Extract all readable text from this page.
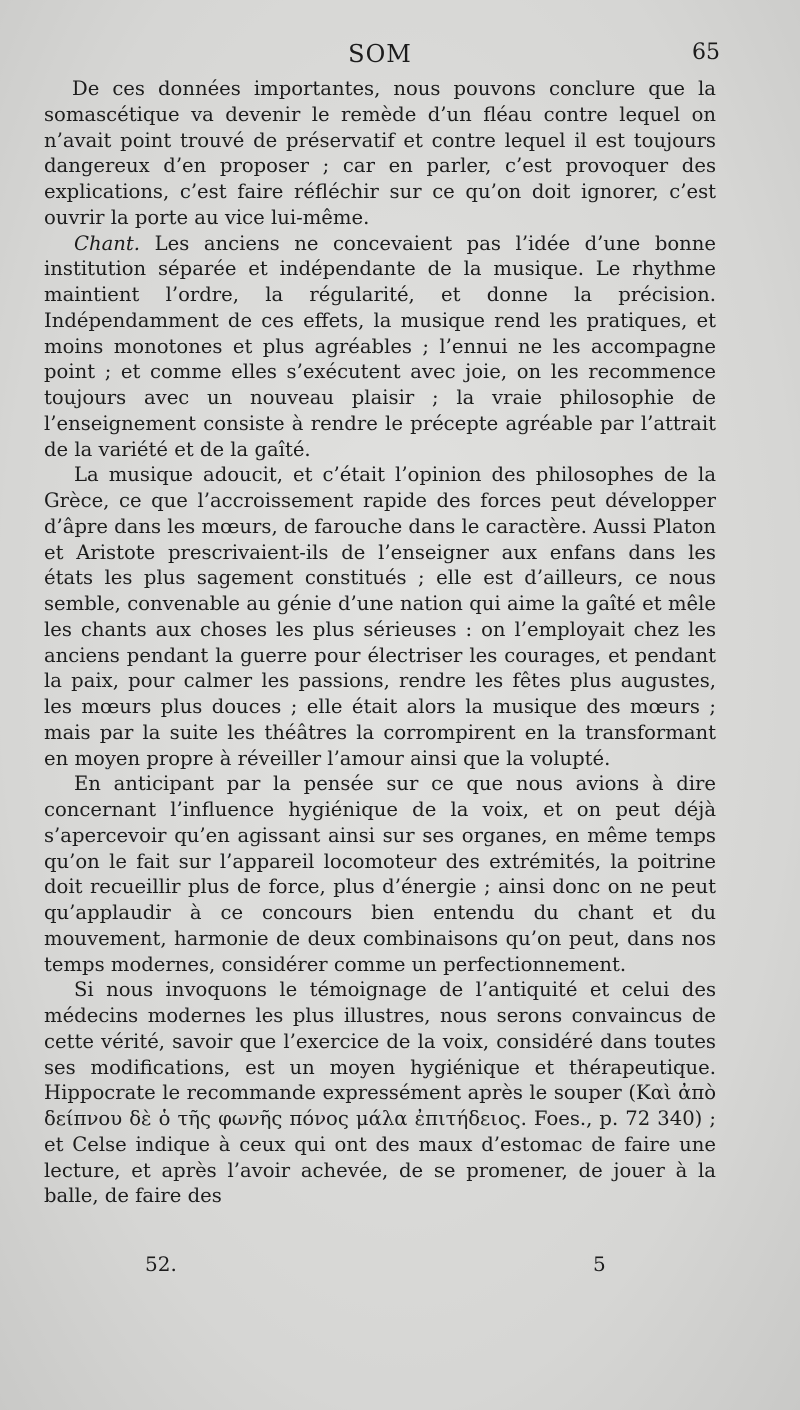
SOM	65

De ces données importantes, nous pouvons conclure que la somascétique va devenir le remède d’un fléau contre lequel on n’avait point trouvé de préservatif et contre lequel il est toujours dangereux d’en proposer ; car en parler, c’est provoquer des explications, c’est faire réfléchir sur ce qu’on doit ignorer, c’est ouvrir la porte au vice lui-même.

Chant. Les anciens ne concevaient pas l’idée d’une bonne institution séparée et indépendante de la musique. Le rhythme maintient l’ordre, la régularité, et donne la précision. Indépendamment de ces effets, la musique rend les pratiques, et moins monotones et plus agréables ; l’ennui ne les accompagne point ; et comme elles s’exécutent avec joie, on les recommence toujours avec un nouveau plaisir ; la vraie philosophie de l’enseignement consiste à rendre le précepte agréable par l’attrait de la variété et de la gaîté.

La musique adoucit, et c’était l’opinion des philosophes de la Grèce, ce que l’accroissement rapide des forces peut développer d’âpre dans les mœurs, de farouche dans le caractère. Aussi Platon et Aristote prescrivaient-ils de l’enseigner aux enfans dans les états les plus sagement constitués ; elle est d’ailleurs, ce nous semble, convenable au génie d’une nation qui aime la gaîté et mêle les chants aux choses les plus sérieuses : on l’employait chez les anciens pendant la guerre pour électriser les courages, et pendant la paix, pour calmer les passions, rendre les fêtes plus augustes, les mœurs plus douces ; elle était alors la musique des mœurs ; mais par la suite les théâtres la corrompirent en la transformant en moyen propre à réveiller l’amour ainsi que la volupté.

En anticipant par la pensée sur ce que nous avions à dire concernant l’influence hygiénique de la voix, et on peut déjà s’apercevoir qu’en agissant ainsi sur ses organes, en même temps qu’on le fait sur l’appareil locomoteur des extrémités, la poitrine doit recueillir plus de force, plus d’énergie ; ainsi donc on ne peut qu’applaudir à ce concours bien entendu du chant et du mouvement, harmonie de deux combinaisons qu’on peut, dans nos temps modernes, considérer comme un perfectionnement.

Si nous invoquons le témoignage de l’antiquité et celui des médecins modernes les plus illustres, nous serons convaincus de cette vérité, savoir que l’exercice de la voix, considéré dans toutes ses modifications, est un moyen hygiénique et thérapeutique. Hippocrate le recommande expressément après le souper (Καὶ ἀπὸ δείπνου δὲ ὁ τῆς φωνῆς πόνος μάλα ἐπιτήδειος. Foes., p. 72 340) ; et Celse indique à ceux qui ont des maux d’estomac de faire une lecture, et après l’avoir achevée, de se promener, de jouer à la balle, de faire des

52.	5
